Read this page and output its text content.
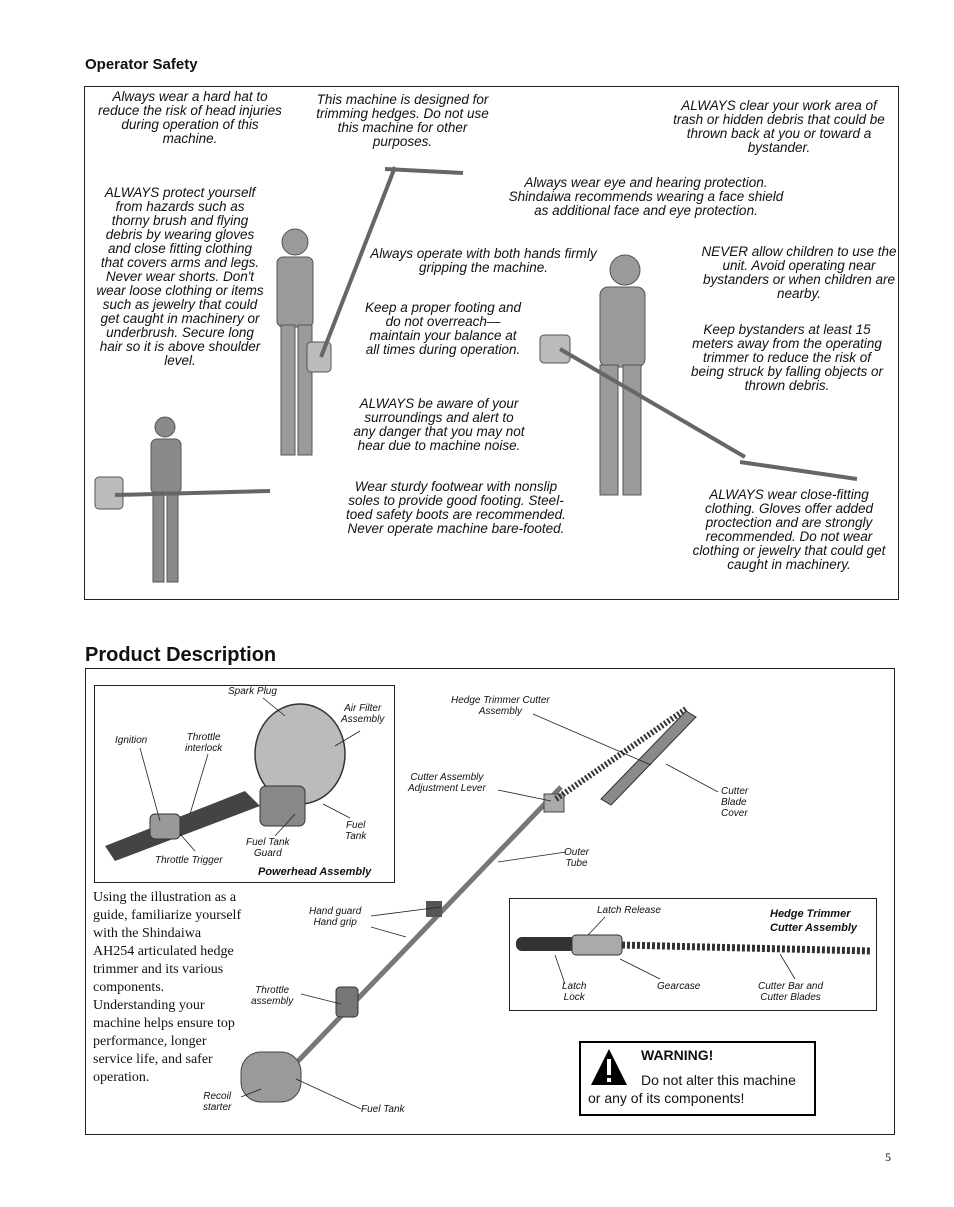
Operator Safety
Always wear a hard hat to reduce the risk of head injuries during operation of this machine.
This machine is designed for trimming hedges. Do not use this machine for other purposes.
ALWAYS clear your work area of trash or hidden debris that could be thrown back at you or toward a bystander.
Always wear eye and hearing protection. Shindaiwa recommends wearing a face shield as additional face and eye protection.
ALWAYS protect yourself from hazards such as thorny brush and flying debris by wearing gloves and close fitting clothing that covers arms and legs. Never wear shorts. Don't wear loose clothing or items such as jewelry that could get caught in machinery or underbrush. Secure long hair so it is above shoulder level.
Always operate with both hands firmly gripping the machine.
NEVER allow children to use the unit. Avoid operating near bystanders or when children are nearby.
Keep a proper footing and do not overreach—maintain your balance at all times during operation.
Keep bystanders at least 15 meters away from the operating trimmer to reduce the risk of being struck by falling objects or thrown debris.
ALWAYS be aware of your surroundings and alert to any danger that you may not hear due to machine noise.
Wear sturdy footwear with nonslip soles to provide good footing. Steel-toed safety boots are recommended. Never operate machine bare-footed.
ALWAYS wear close-fitting clothing. Gloves offer added proctection and are strongly recommended. Do not wear clothing or jewelry that could get caught in machinery.
Product Description
Spark Plug
Air Filter
Assembly
Ignition	Throttle
interlock
Fuel
Tank
Fuel Tank
Guard
Throttle Trigger
Powerhead Assembly
Using the illustration as a guide, familiarize yourself with the Shindaiwa AH254 articulated hedge trimmer and its various components. Understanding your machine helps ensure top performance, longer service life, and safer operation.
Hedge Trimmer Cutter
Assembly
Cutter Assembly
Adjustment Lever	Cutter
Blade
Cover
Outer
Tube
Hand guard
Hand grip
Throttle
assembly
Recoil
starter	Fuel Tank
Latch Release	Hedge Trimmer
Cutter Assembly
Latch
Lock
Gearcase	Cutter Bar and
Cutter Blades
WARNING!
Do not alter this machine
or any of its components!
5
